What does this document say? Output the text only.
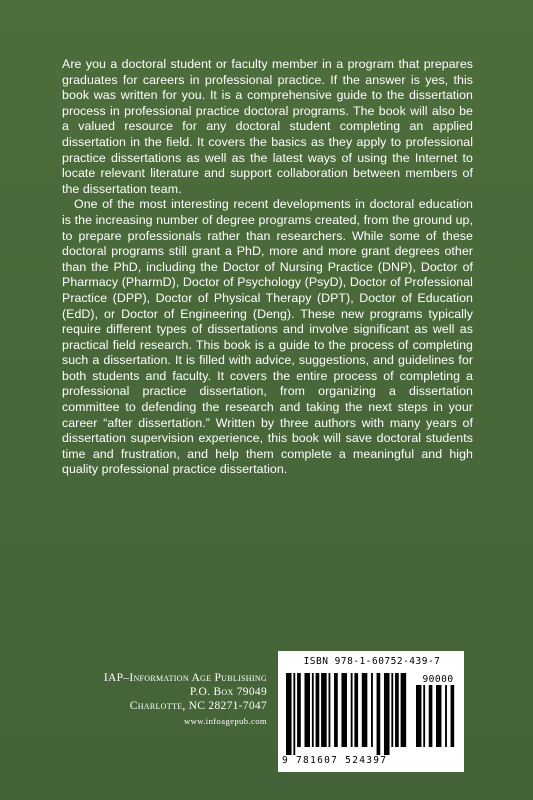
Are you a doctoral student or faculty member in a program that prepares graduates for careers in professional practice. If the answer is yes, this book was written for you. It is a comprehensive guide to the dissertation process in professional practice doctoral programs. The book will also be a valued resource for any doctoral student completing an applied dissertation in the field. It covers the basics as they apply to professional practice dissertations as well as the latest ways of using the Internet to locate relevant literature and support collaboration between members of the dissertation team.

One of the most interesting recent developments in doctoral education is the increasing number of degree programs created, from the ground up, to prepare professionals rather than researchers. While some of these doctoral programs still grant a PhD, more and more grant degrees other than the PhD, including the Doctor of Nursing Practice (DNP), Doctor of Pharmacy (PharmD), Doctor of Psychology (PsyD), Doctor of Professional Practice (DPP), Doctor of Physical Therapy (DPT), Doctor of Education (EdD), or Doctor of Engineering (Deng). These new programs typically require different types of dissertations and involve significant as well as practical field research. This book is a guide to the process of completing such a dissertation. It is filled with advice, suggestions, and guidelines for both students and faculty. It covers the entire process of completing a professional practice dissertation, from organizing a dissertation committee to defending the research and taking the next steps in your career “after dissertation.” Written by three authors with many years of dissertation supervision experience, this book will save doctoral students time and frustration, and help them complete a meaningful and high quality professional practice dissertation.

IAP–Information Age Publishing
P.O. Box 79049
Charlotte, NC 28271-7047
www.infoagepub.com
ISBN 978-1-60752-439-7
90000
9 781607 524397
